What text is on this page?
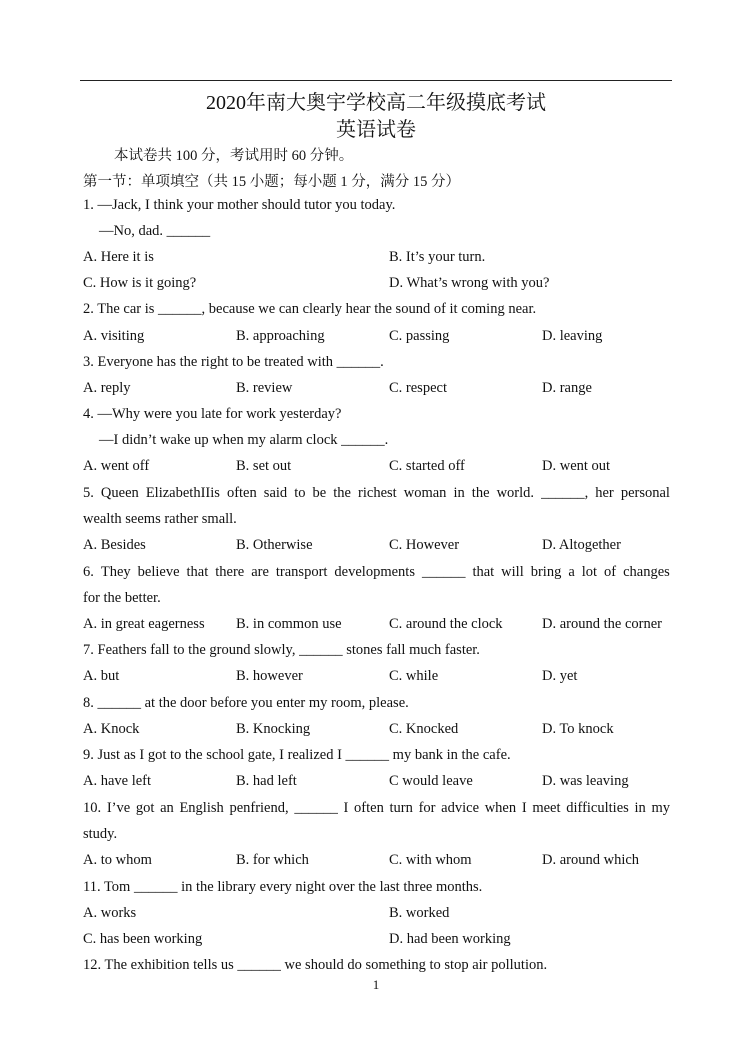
2020年南大奥宇学校高二年级摸底考试
英语试卷
本试卷共 100 分，考试用时 60 分钟。
第一节：单项填空（共 15 小题；每小题 1 分，满分 15 分）
1. —Jack, I think your mother should tutor you today.
—No, dad. ______
A. Here it is	B. It’s your turn.
C. How is it going?	D. What’s wrong with you?
2. The car is ______, because we can clearly hear the sound of it coming near.
A. visiting	B. approaching	C. passing	D. leaving
3. Everyone has the right to be treated with ______.
A. reply	B. review	C. respect	D. range
4. —Why were you late for work yesterday?
—I didn’t wake up when my alarm clock ______.
A. went off	B. set out	C. started off	D. went out
5. Queen ElizabethIIis often said to be the richest woman in the world. ______, her personal
wealth seems rather small.
A. Besides	B. Otherwise	C. However	D. Altogether
6. They believe that there are transport developments ______ that will bring a lot of changes
for the better.
A. in great eagerness B. in common use	C. around the clock	D. around the corner
7. Feathers fall to the ground slowly, ______ stones fall much faster.
A. but	B. however	C. while	D. yet
8. ______ at the door before you enter my room, please.
A. Knock	B. Knocking	C. Knocked	D. To knock
9. Just as I got to the school gate, I realized I ______ my bank in the cafe.
A. have left	B. had left	C would leave	D. was leaving
10. I’ve got an English penfriend, ______ I often turn for advice when I meet difficulties in my
study.
A. to whom	B. for which	C. with whom	D. around which
11. Tom ______ in the library every night over the last three months.
A. works	B. worked
C. has been working	D. had been working
12. The exhibition tells us ______ we should do something to stop air pollution.
1
